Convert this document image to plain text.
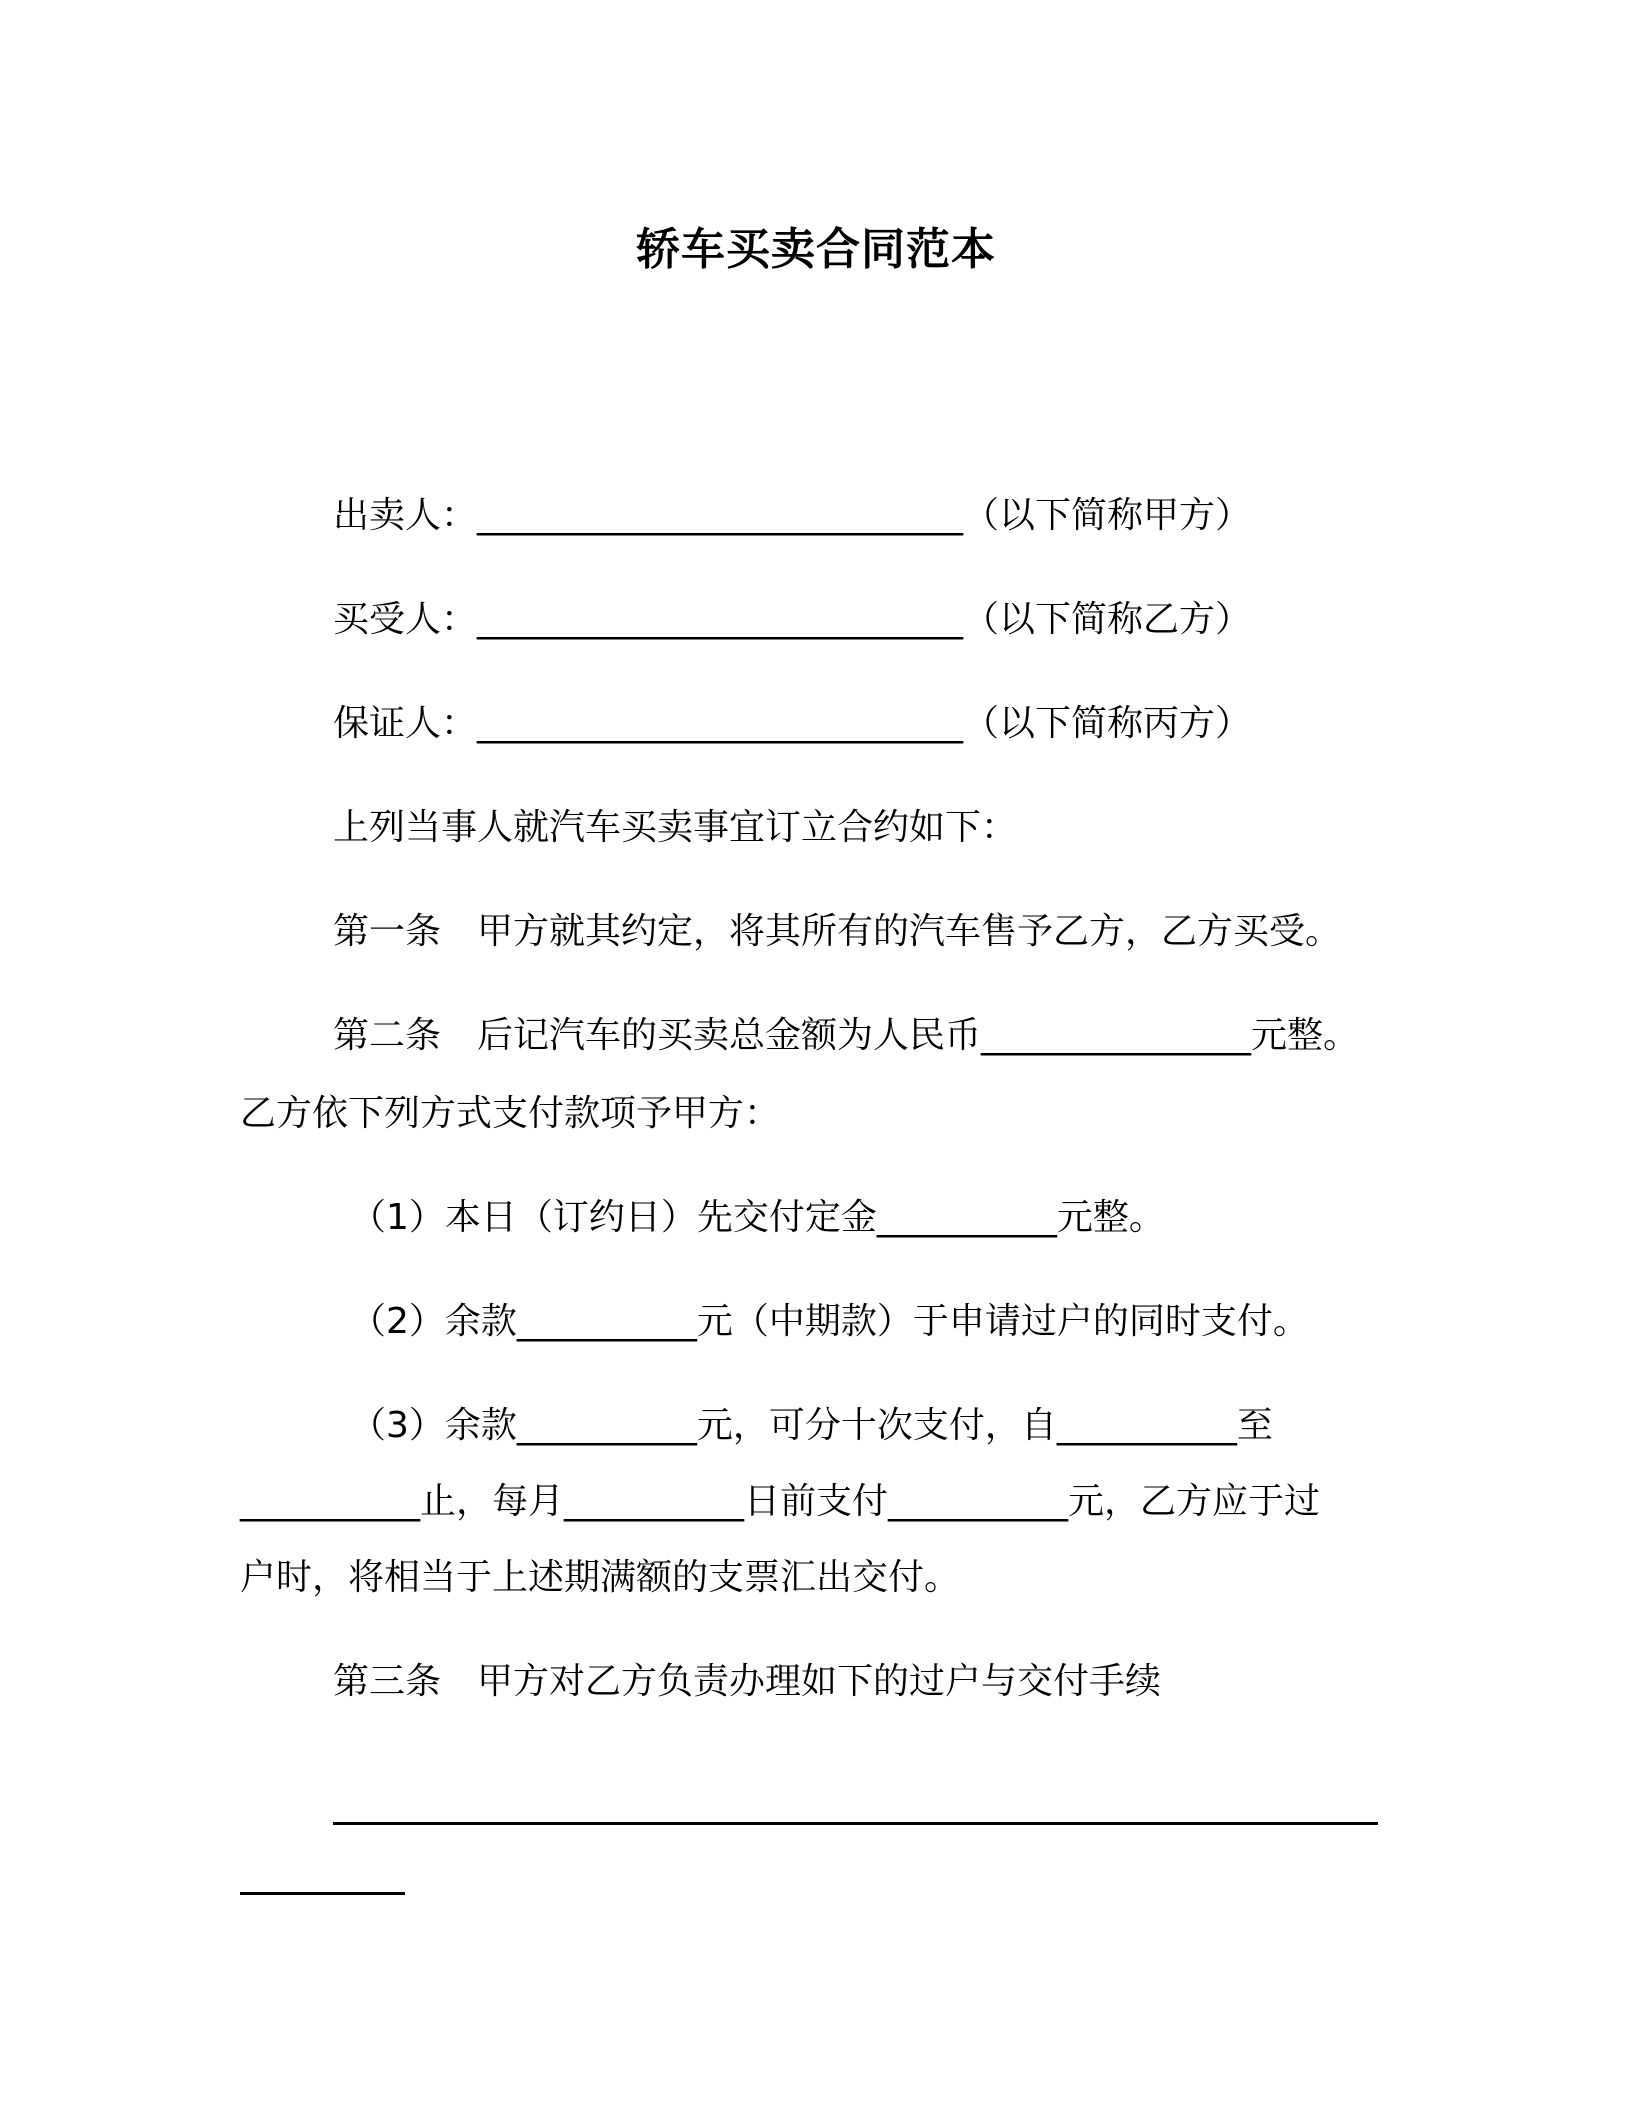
轿车买卖合同范本
出卖人：___________________________（以下简称甲方）
买受人：___________________________（以下简称乙方）
保证人：___________________________（以下简称丙方）
上列当事人就汽车买卖事宜订立合约如下：
第一条　甲方就其约定，将其所有的汽车售予乙方，乙方买受。
第二条　后记汽车的买卖总金额为人民币_______________元整。
乙方依下列方式支付款项予甲方：
（1）本日（订约日）先交付定金__________元整。
（2）余款__________元（中期款）于申请过户的同时支付。
（3）余款__________元，可分十次支付，自__________至
__________止，每月__________日前支付__________元，乙方应于过
户时，将相当于上述期满额的支票汇出交付。
第三条　甲方对乙方负责办理如下的过户与交付手续
